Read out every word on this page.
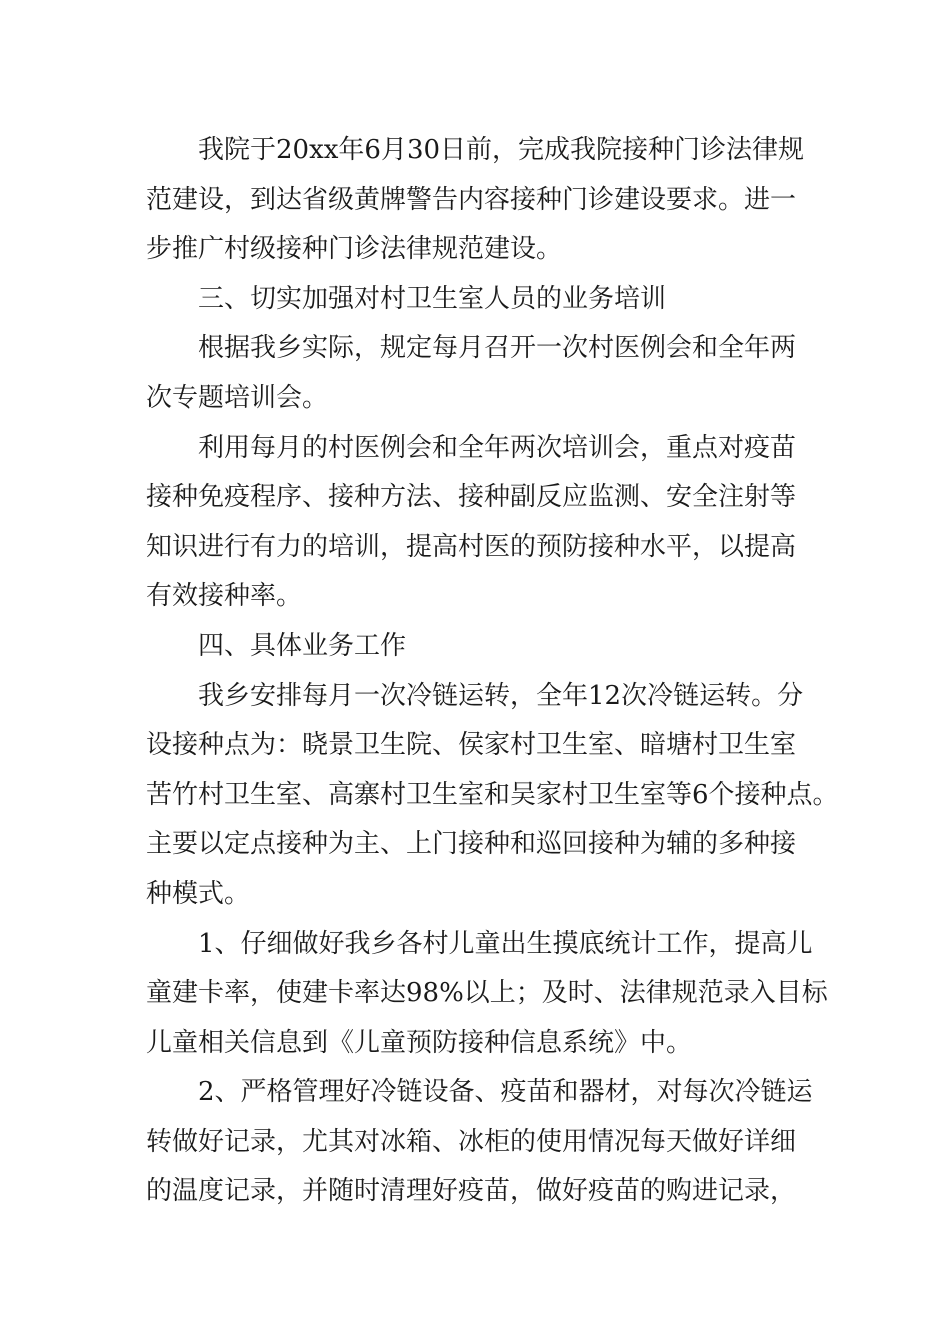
我院于20xx年6月30日前，完成我院接种门诊法律规
范建设，到达省级黄牌警告内容接种门诊建设要求。进一
步推广村级接种门诊法律规范建设。
三、切实加强对村卫生室人员的业务培训
根据我乡实际，规定每月召开一次村医例会和全年两
次专题培训会。
利用每月的村医例会和全年两次培训会，重点对疫苗
接种免疫程序、接种方法、接种副反应监测、安全注射等
知识进行有力的培训，提高村医的预防接种水平，以提高
有效接种率。
四、具体业务工作
我乡安排每月一次冷链运转，全年12次冷链运转。分
设接种点为：晓景卫生院、侯家村卫生室、暗塘村卫生室
苦竹村卫生室、高寨村卫生室和吴家村卫生室等6个接种点。
主要以定点接种为主、上门接种和巡回接种为辅的多种接
种模式。
1、仔细做好我乡各村儿童出生摸底统计工作，提高儿
童建卡率，使建卡率达98%以上；及时、法律规范录入目标
儿童相关信息到《儿童预防接种信息系统》中。
2、严格管理好冷链设备、疫苗和器材，对每次冷链运
转做好记录，尤其对冰箱、冰柜的使用情况每天做好详细
的温度记录，并随时清理好疫苗，做好疫苗的购进记录，
